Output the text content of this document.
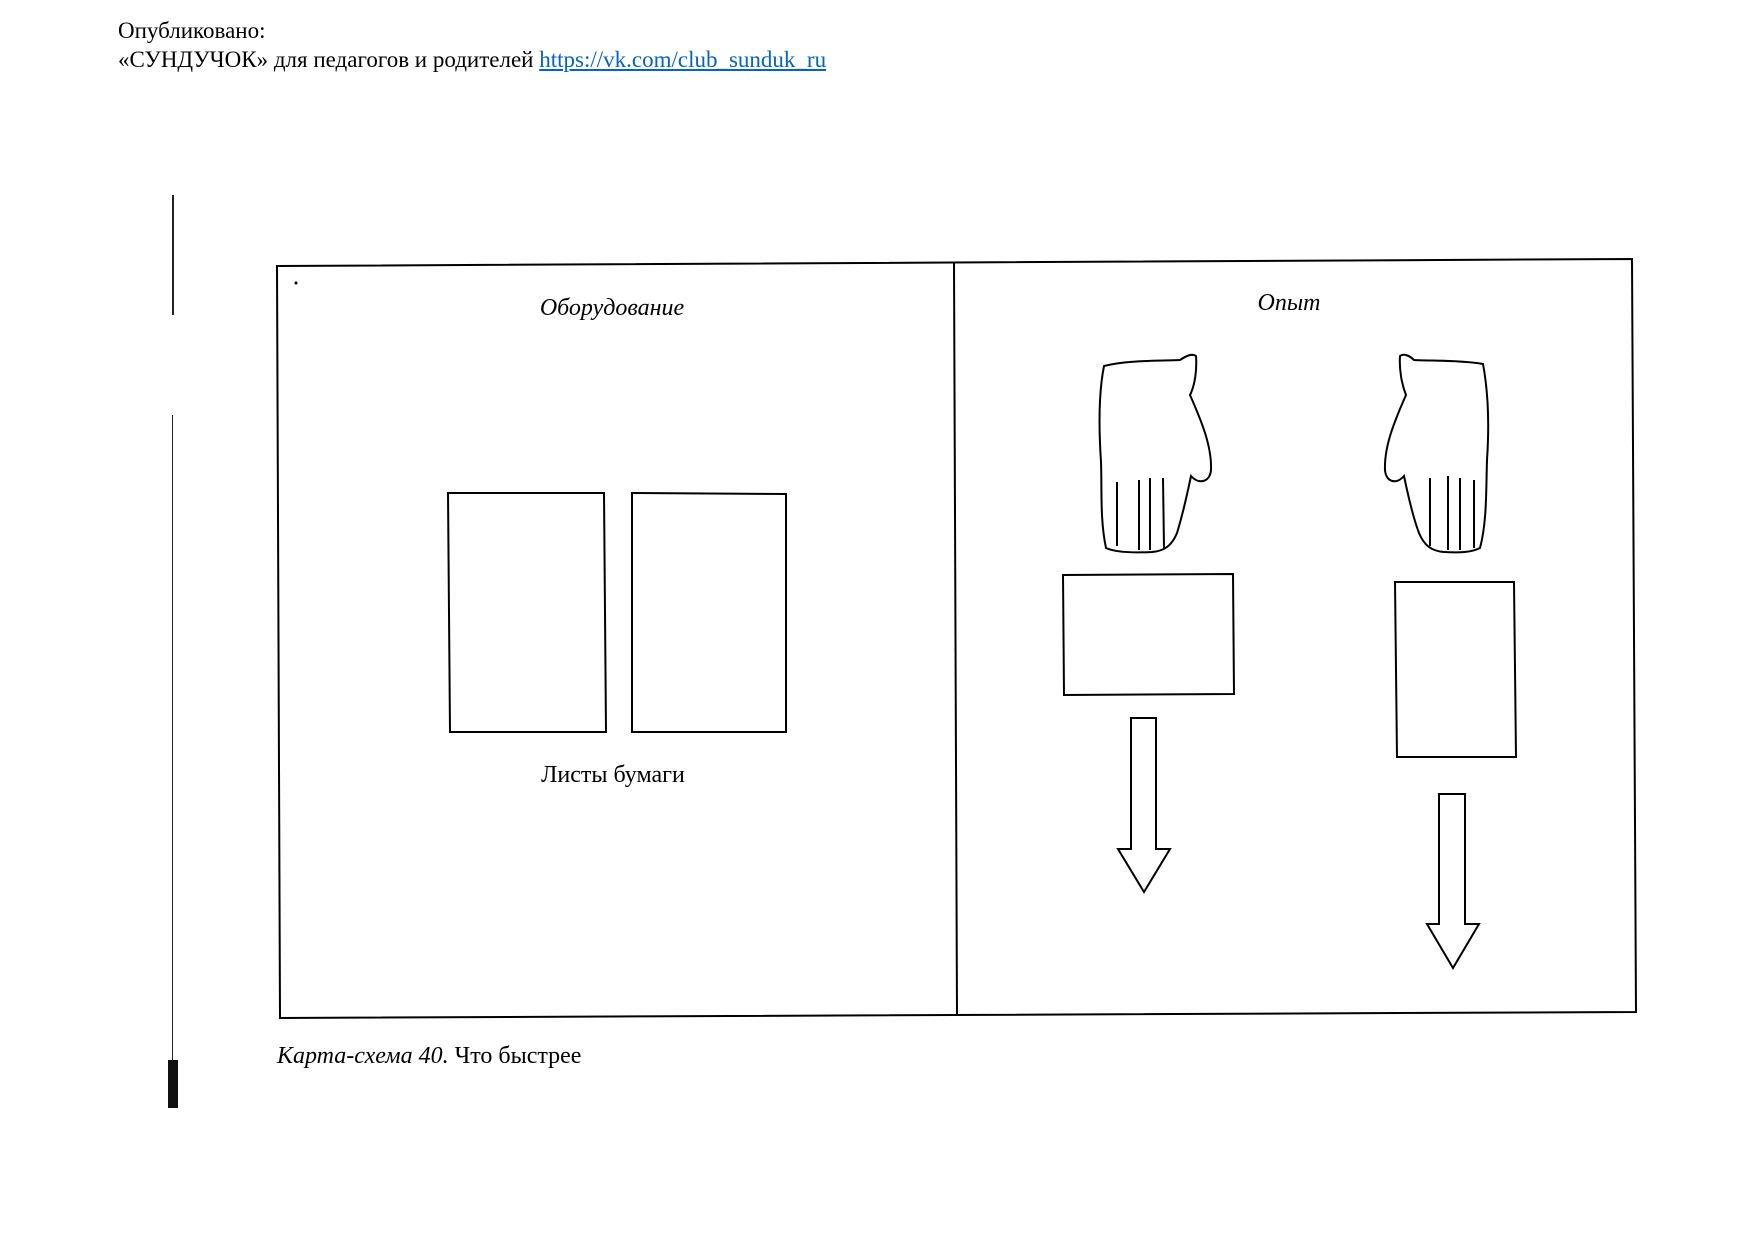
Опубликовано:
«СУНДУЧОК» для педагогов и родителей https://vk.com/club_sunduk_ru
Оборудование	Опыт
Листы бумаги
Карта-схема 40. Что быстрее
